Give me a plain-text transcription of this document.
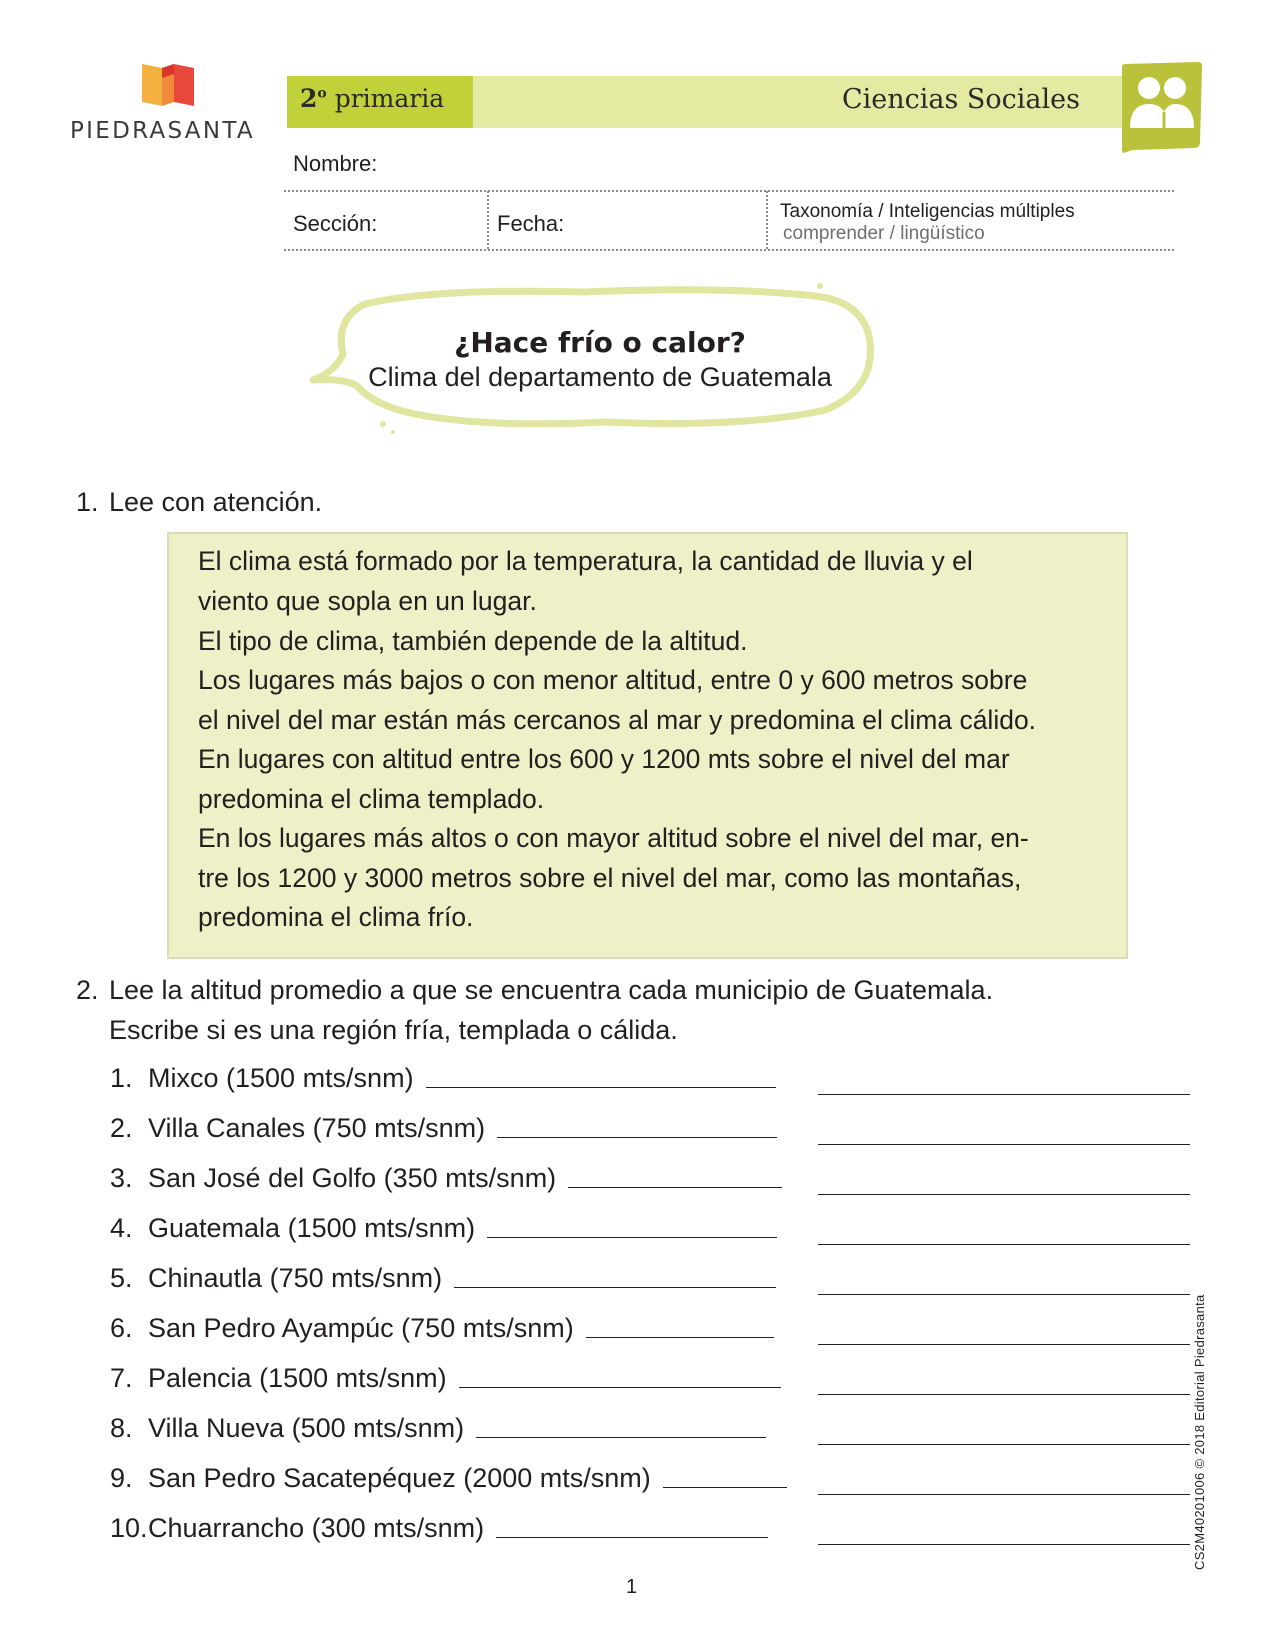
PIEDRASANTA
2$^o$ primaria	Ciencias Sociales
Nombre:
Sección:	Fecha:	Taxonomía / Inteligencias múltiples
comprender / lingüístico
¿Hace frío o calor?
Clima del departamento de Guatemala
1. Lee con atención.
El clima está formado por la temperatura, la cantidad de lluvia y el
viento que sopla en un lugar.
El tipo de clima, también depende de la altitud.
Los lugares más bajos o con menor altitud, entre 0 y 600 metros sobre
el nivel del mar están más cercanos al mar y predomina el clima cálido.
En lugares con altitud entre los 600 y 1200 mts sobre el nivel del mar
predomina el clima templado.
En los lugares más altos o con mayor altitud sobre el nivel del mar, en-
tre los 1200 y 3000 metros sobre el nivel del mar, como las montañas,
predomina el clima frío.
2. Lee la altitud promedio a que se encuentra cada municipio de Guatemala.
Escribe si es una región fría, templada o cálida.
1. Mixco (1500 mts/snm)
2. Villa Canales (750 mts/snm)
3. San José del Golfo (350 mts/snm)
4. Guatemala (1500 mts/snm)
5. Chinautla (750 mts/snm)
6. San Pedro Ayampúc (750 mts/snm)
7. Palencia (1500 mts/snm)
8. Villa Nueva (500 mts/snm)
9. San Pedro Sacatepéquez (2000 mts/snm)
10. Chuarrancho (300 mts/snm)
1
CS2M40201006 © 2018 Editorial Piedrasanta
